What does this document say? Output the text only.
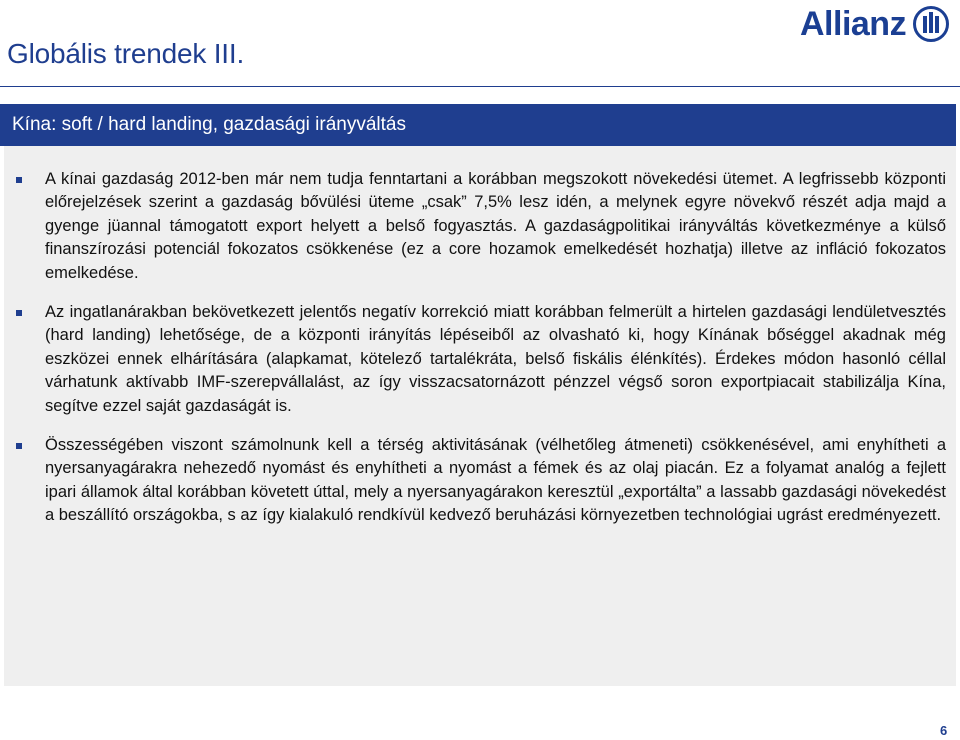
Globális trendek III.
Allianz
Kína: soft / hard landing, gazdasági irányváltás
A kínai gazdaság 2012-ben már nem tudja fenntartani a korábban megszokott növekedési ütemet. A legfrissebb központi előrejelzések szerint a gazdaság bővülési üteme „csak” 7,5% lesz idén, a melynek egyre növekvő részét adja majd a gyenge jüannal támogatott export helyett a belső fogyasztás. A gazdaságpolitikai irányváltás következménye a külső finanszírozási potenciál fokozatos csökkenése (ez a core hozamok emelkedését hozhatja) illetve az infláció fokozatos emelkedése.
Az ingatlanárakban bekövetkezett jelentős negatív korrekció miatt korábban felmerült a hirtelen gazdasági lendületvesztés (hard landing) lehetősége, de a központi irányítás lépéseiből az olvasható ki, hogy Kínának bőséggel akadnak még eszközei ennek elhárítására (alapkamat, kötelező tartalékráta, belső fiskális élénkítés). Érdekes módon hasonló céllal várhatunk aktívabb IMF-szerepvállalást, az így visszacsatornázott pénzzel végső soron exportpiacait stabilizálja Kína, segítve ezzel saját gazdaságát is.
Összességében viszont számolnunk kell a térség aktivitásának (vélhetőleg átmeneti) csökkenésével, ami enyhítheti a nyersanyagárakra nehezedő nyomást és enyhítheti a nyomást a fémek és az olaj piacán. Ez a folyamat analóg a fejlett ipari államok által korábban követett úttal, mely a nyersanyagárakon keresztül „exportálta” a lassabb gazdasági növekedést a beszállító országokba, s az így kialakuló rendkívül kedvező beruházási környezetben technológiai ugrást eredményezett.
6
